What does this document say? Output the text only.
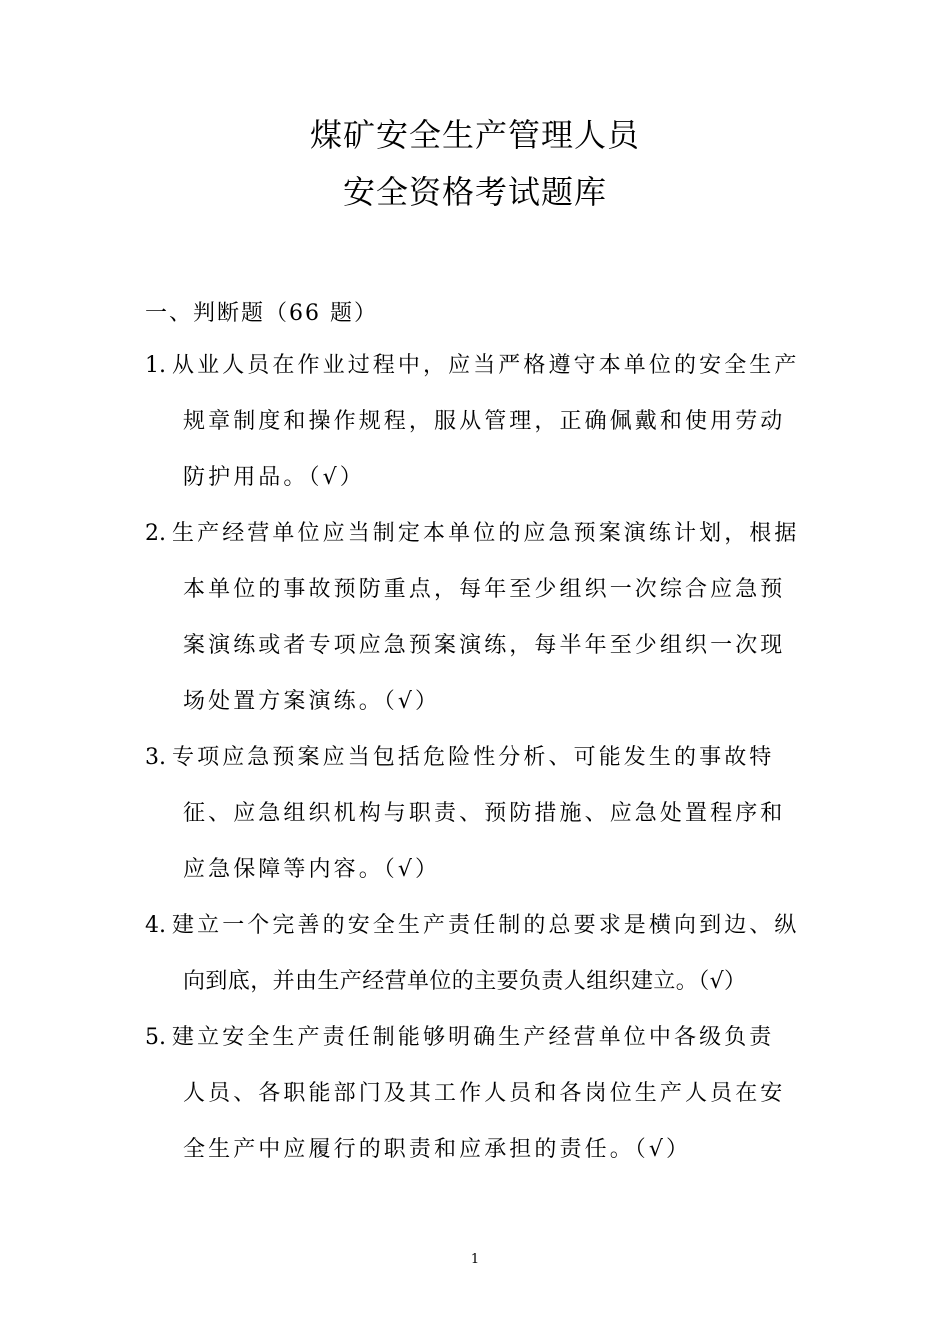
煤矿安全生产管理人员
安全资格考试题库
一、判断题（66 题）
1. 从业人员在作业过程中，应当严格遵守本单位的安全生产
规章制度和操作规程，服从管理，正确佩戴和使用劳动
防护用品。（√）
2. 生产经营单位应当制定本单位的应急预案演练计划，根据
本单位的事故预防重点，每年至少组织一次综合应急预
案演练或者专项应急预案演练，每半年至少组织一次现
场处置方案演练。（√）
3. 专项应急预案应当包括危险性分析、可能发生的事故特
征、应急组织机构与职责、预防措施、应急处置程序和
应急保障等内容。（√）
4. 建立一个完善的安全生产责任制的总要求是横向到边、纵
向到底，并由生产经营单位的主要负责人组织建立。（√）
5. 建立安全生产责任制能够明确生产经营单位中各级负责
人员、各职能部门及其工作人员和各岗位生产人员在安
全生产中应履行的职责和应承担的责任。（√）
1
